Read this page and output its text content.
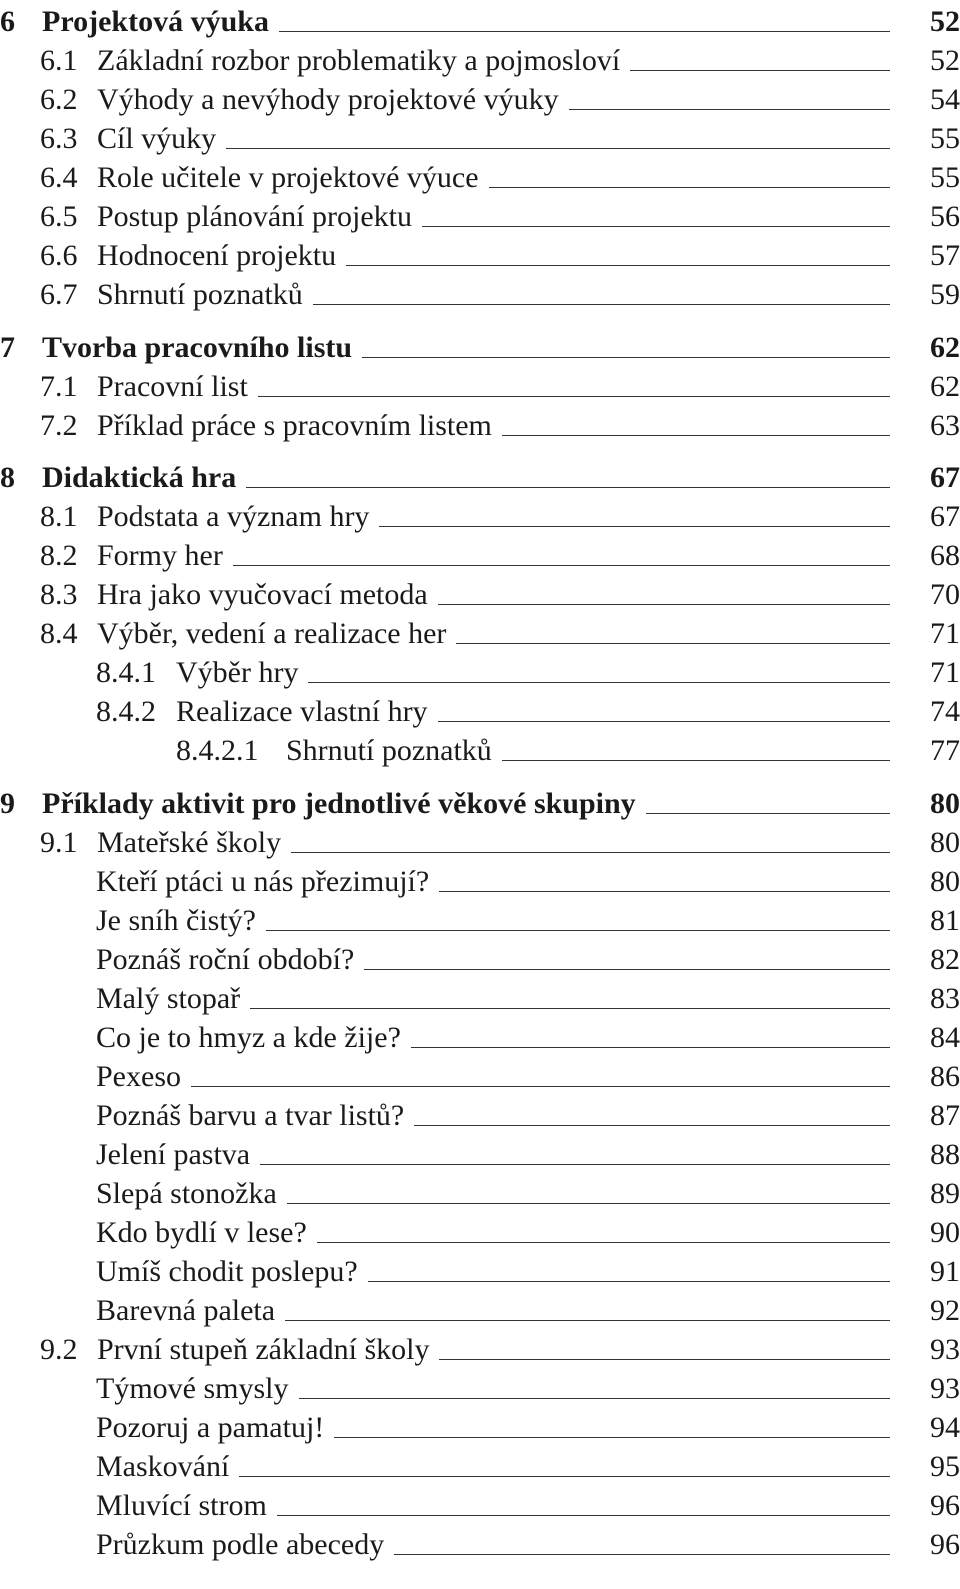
6 Projektová výuka	52
6.1 Základní rozbor problematiky a pojmosloví	52
6.2 Výhody a nevýhody projektové výuky	54
6.3 Cíl výuky	55
6.4 Role učitele v projektové výuce	55
6.5 Postup plánování projektu	56
6.6 Hodnocení projektu	57
6.7 Shrnutí poznatků	59
7 Tvorba pracovního listu	62
7.1 Pracovní list	62
7.2 Příklad práce s pracovním listem	63
8 Didaktická hra	67
8.1 Podstata a význam hry	67
8.2 Formy her	68
8.3 Hra jako vyučovací metoda	70
8.4 Výběr, vedení a realizace her	71
8.4.1 Výběr hry	71
8.4.2 Realizace vlastní hry	74
8.4.2.1 Shrnutí poznatků	77
9 Příklady aktivit pro jednotlivé věkové skupiny	80
9.1 Mateřské školy	80
Kteří ptáci u nás přezimují?	80
Je sníh čistý?	81
Poznáš roční období?	82
Malý stopař	83
Co je to hmyz a kde žije?	84
Pexeso	86
Poznáš barvu a tvar listů?	87
Jelení pastva	88
Slepá stonožka	89
Kdo bydlí v lese?	90
Umíš chodit poslepu?	91
Barevná paleta	92
9.2 První stupeň základní školy	93
Týmové smysly	93
Pozoruj a pamatuj!	94
Maskování	95
Mluvící strom	96
Průzkum podle abecedy	96
